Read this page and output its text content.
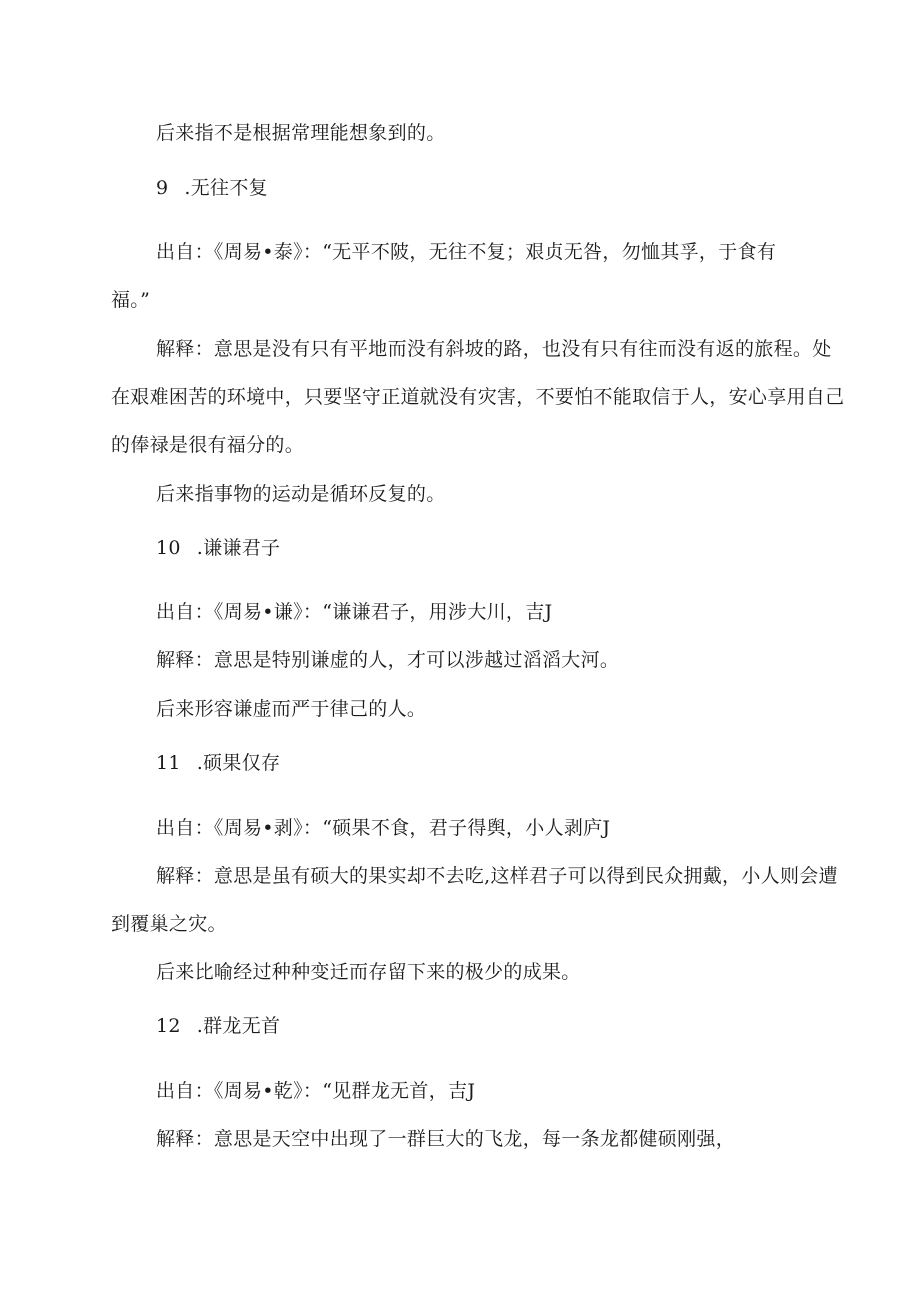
后来指不是根据常理能想象到的。
9 .无往不复
出自：《周易•泰》：“无平不陂，无往不复；艰贞无咎，勿恤其孚，于食有
福。”
解释：意思是没有只有平地而没有斜坡的路，也没有只有往而没有返的旅程。处
在艰难困苦的环境中，只要坚守正道就没有灾害，不要怕不能取信于人，安心享用自己
的俸禄是很有福分的。
后来指事物的运动是循环反复的。
10 .谦谦君子
出自：《周易•谦》：“谦谦君子，用涉大川，吉J
解释：意思是特别谦虚的人，才可以涉越过滔滔大河。
后来形容谦虚而严于律己的人。
11 .硕果仅存
出自：《周易•剥》：“硕果不食，君子得舆，小人剥庐J
解释：意思是虽有硕大的果实却不去吃,这样君子可以得到民众拥戴，小人则会遭
到覆巢之灾。
后来比喻经过种种变迁而存留下来的极少的成果。
12 .群龙无首
出自：《周易•乾》：“见群龙无首，吉J
解释：意思是天空中出现了一群巨大的飞龙，每一条龙都健硕刚强，
